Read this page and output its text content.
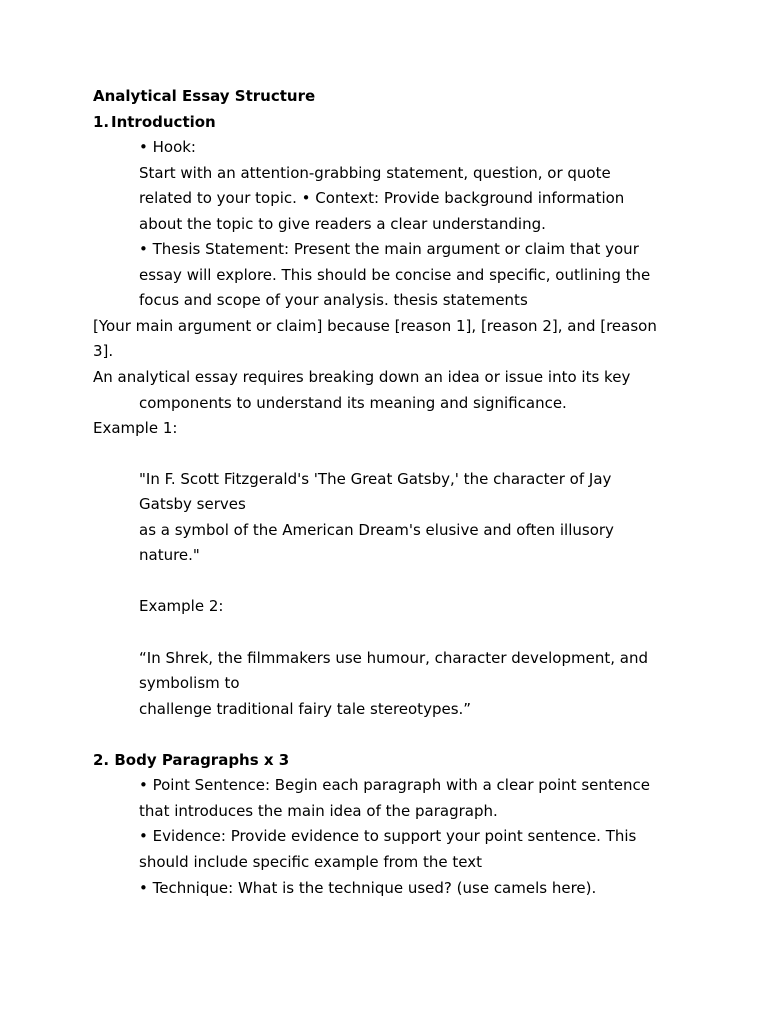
Analytical Essay Structure
1. Introduction
• Hook:
Start with an attention-grabbing statement, question, or quote
related to your topic. • Context: Provide background information
about the topic to give readers a clear understanding.
• Thesis Statement: Present the main argument or claim that your
essay will explore. This should be concise and specific, outlining the
focus and scope of your analysis. thesis statements
[Your main argument or claim] because [reason 1], [reason 2], and [reason
3].
An analytical essay requires breaking down an idea or issue into its key
components to understand its meaning and significance.
Example 1:
"In F. Scott Fitzgerald's 'The Great Gatsby,' the character of Jay
Gatsby serves
as a symbol of the American Dream's elusive and often illusory
nature."
Example 2:
“In Shrek, the filmmakers use humour, character development, and
symbolism to
challenge traditional fairy tale stereotypes.”
2. Body Paragraphs x 3
• Point Sentence: Begin each paragraph with a clear point sentence
that introduces the main idea of the paragraph.
• Evidence: Provide evidence to support your point sentence. This
should include specific example from the text
• Technique: What is the technique used? (use camels here).
